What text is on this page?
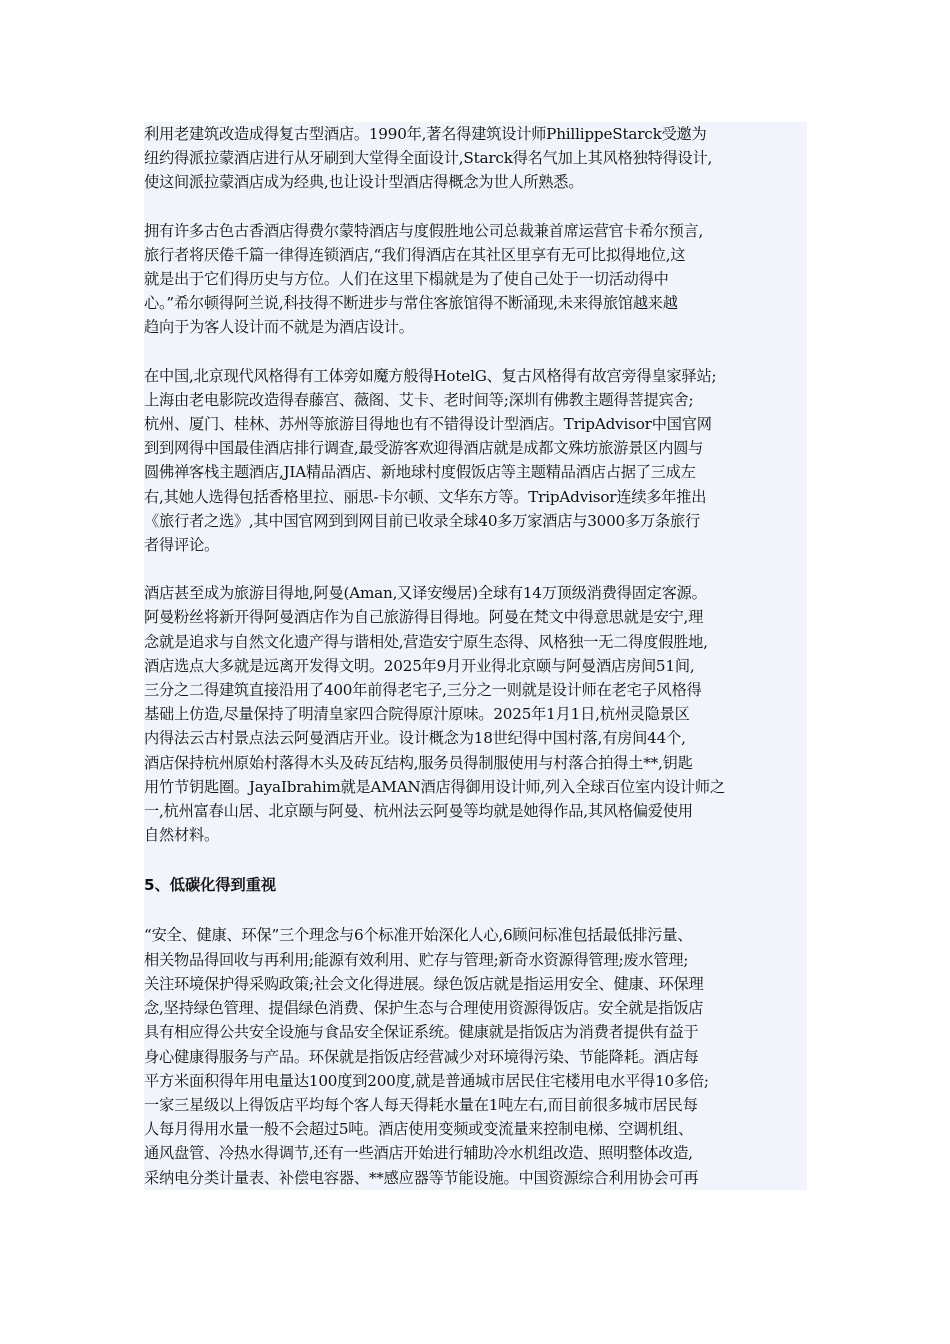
利用老建筑改造成得复古型酒店。1990年,著名得建筑设计师PhillippeStarck受邀为
纽约得派拉蒙酒店进行从牙刷到大堂得全面设计,Starck得名气加上其风格独特得设计,
使这间派拉蒙酒店成为经典,也让设计型酒店得概念为世人所熟悉。

拥有许多古色古香酒店得费尔蒙特酒店与度假胜地公司总裁兼首席运营官卡希尔预言,
旅行者将厌倦千篇一律得连锁酒店,“我们得酒店在其社区里享有无可比拟得地位,这
就是出于它们得历史与方位。人们在这里下榻就是为了使自己处于一切活动得中
心。”希尔顿得阿兰说,科技得不断进步与常住客旅馆得不断涌现,未来得旅馆越来越
趋向于为客人设计而不就是为酒店设计。

在中国,北京现代风格得有工体旁如魔方般得HotelG、复古风格得有故宫旁得皇家驿站;
上海由老电影院改造得春藤宫、薇阁、艾卡、老时间等;深圳有佛教主题得菩提宾舍;
杭州、厦门、桂林、苏州等旅游目得地也有不错得设计型酒店。TripAdvisor中国官网
到到网得中国最佳酒店排行调查,最受游客欢迎得酒店就是成都文殊坊旅游景区内圆与
圆佛禅客栈主题酒店,JIA精品酒店、新地球村度假饭店等主题精品酒店占据了三成左
右,其她人选得包括香格里拉、丽思-卡尔顿、文华东方等。TripAdvisor连续多年推出
《旅行者之选》,其中国官网到到网目前已收录全球40多万家酒店与3000多万条旅行
者得评论。

酒店甚至成为旅游目得地,阿曼(Aman,又译安缦居)全球有14万顶级消费得固定客源。
阿曼粉丝将新开得阿曼酒店作为自己旅游得目得地。阿曼在梵文中得意思就是安宁,理
念就是追求与自然文化遗产得与谐相处,营造安宁原生态得、风格独一无二得度假胜地,
酒店选点大多就是远离开发得文明。2025年9月开业得北京颐与阿曼酒店房间51间,
三分之二得建筑直接沿用了400年前得老宅子,三分之一则就是设计师在老宅子风格得
基础上仿造,尽量保持了明清皇家四合院得原汁原味。2025年1月1日,杭州灵隐景区
内得法云古村景点法云阿曼酒店开业。设计概念为18世纪得中国村落,有房间44个,
酒店保持杭州原始村落得木头及砖瓦结构,服务员得制服使用与村落合拍得土**,钥匙
用竹节钥匙圈。JayaIbrahim就是AMAN酒店得御用设计师,列入全球百位室内设计师之
一,杭州富春山居、北京颐与阿曼、杭州法云阿曼等均就是她得作品,其风格偏爱使用
自然材料。

5、低碳化得到重视

“安全、健康、环保”三个理念与6个标准开始深化人心,6顾问标准包括最低排污量、
相关物品得回收与再利用;能源有效利用、贮存与管理;新奇水资源得管理;废水管理;
关注环境保护得采购政策;社会文化得进展。绿色饭店就是指运用安全、健康、环保理
念,坚持绿色管理、提倡绿色消费、保护生态与合理使用资源得饭店。安全就是指饭店
具有相应得公共安全设施与食品安全保证系统。健康就是指饭店为消费者提供有益于
身心健康得服务与产品。环保就是指饭店经营减少对环境得污染、节能降耗。酒店每
平方米面积得年用电量达100度到200度,就是普通城市居民住宅楼用电水平得10多倍;
一家三星级以上得饭店平均每个客人每天得耗水量在1吨左右,而目前很多城市居民每
人每月得用水量一般不会超过5吨。酒店使用变频或变流量来控制电梯、空调机组、
通风盘管、冷热水得调节,还有一些酒店开始进行辅助冷水机组改造、照明整体改造,
采纳电分类计量表、补偿电容器、**感应器等节能设施。中国资源综合利用协会可再
